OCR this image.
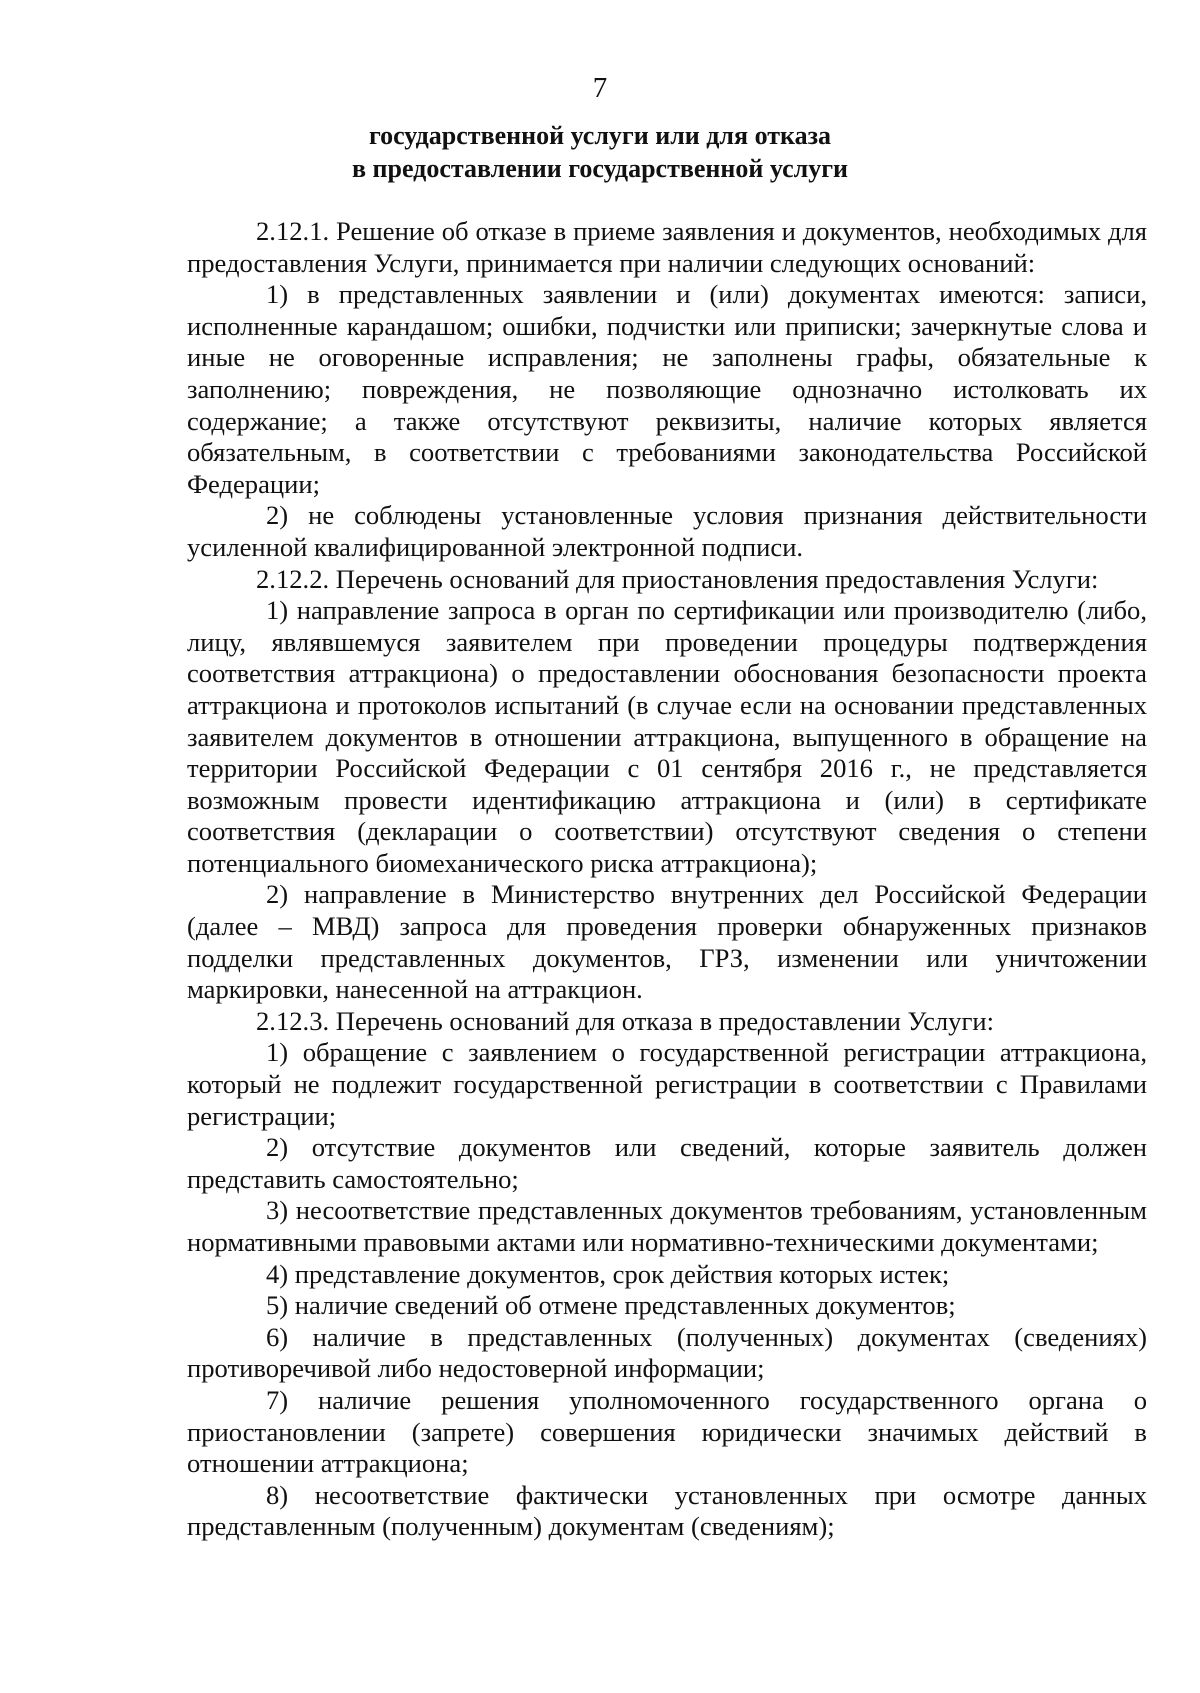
7
государственной услуги или для отказа
в предоставлении государственной услуги

2.12.1. Решение об отказе в приеме заявления и документов, необходимых для предоставления Услуги, принимается при наличии следующих оснований:

1) в представленных заявлении и (или) документах имеются: записи, исполненные карандашом; ошибки, подчистки или приписки; зачеркнутые слова и иные не оговоренные исправления; не заполнены графы, обязательные к заполнению; повреждения, не позволяющие однозначно истолковать их содержание; а также отсутствуют реквизиты, наличие которых является обязательным, в соответствии с требованиями законодательства Российской Федерации;

2) не соблюдены установленные условия признания действительности усиленной квалифицированной электронной подписи.

2.12.2. Перечень оснований для приостановления предоставления Услуги:

1) направление запроса в орган по сертификации или производителю (либо, лицу, являвшемуся заявителем при проведении процедуры подтверждения соответствия аттракциона) о предоставлении обоснования безопасности проекта аттракциона и протоколов испытаний (в случае если на основании представленных заявителем документов в отношении аттракциона, выпущенного в обращение на территории Российской Федерации с 01 сентября 2016 г., не представляется возможным провести идентификацию аттракциона и (или) в сертификате соответствия (декларации о соответствии) отсутствуют сведения о степени потенциального биомеханического риска аттракциона);

2) направление в Министерство внутренних дел Российской Федерации (далее – МВД) запроса для проведения проверки обнаруженных признаков подделки представленных документов, ГРЗ, изменении или уничтожении маркировки, нанесенной на аттракцион.

2.12.3. Перечень оснований для отказа в предоставлении Услуги:

1) обращение с заявлением о государственной регистрации аттракциона, который не подлежит государственной регистрации в соответствии с Правилами регистрации;

2) отсутствие документов или сведений, которые заявитель должен представить самостоятельно;

3) несоответствие представленных документов требованиям, установленным нормативными правовыми актами или нормативно-техническими документами;

4) представление документов, срок действия которых истек;

5) наличие сведений об отмене представленных документов;

6) наличие в представленных (полученных) документах (сведениях) противоречивой либо недостоверной информации;

7) наличие решения уполномоченного государственного органа о приостановлении (запрете) совершения юридически значимых действий в отношении аттракциона;

8) несоответствие фактически установленных при осмотре данных представленным (полученным) документам (сведениям);
